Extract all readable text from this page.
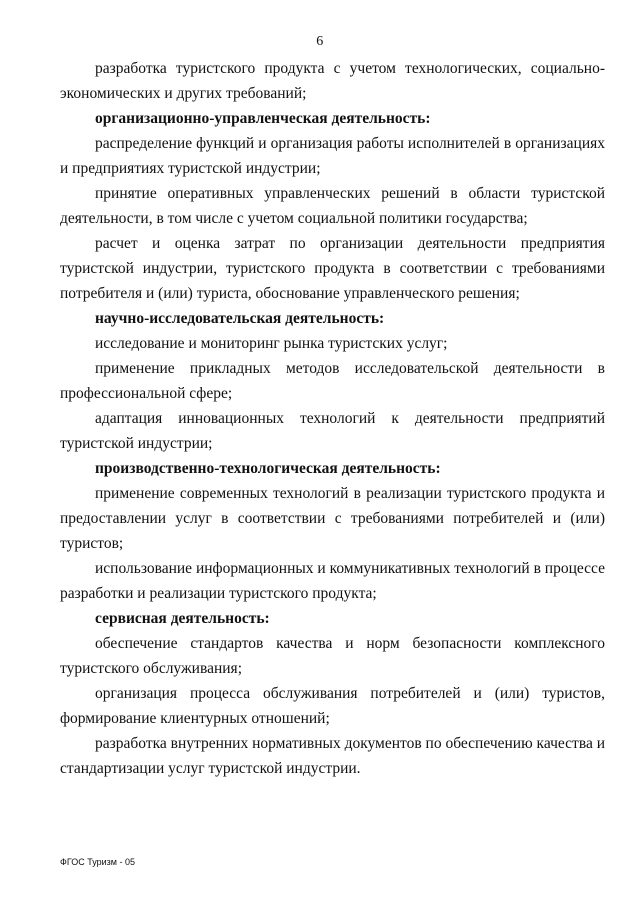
6

разработка туристского продукта с учетом технологических, социально-экономических и других требований;

организационно-управленческая деятельность:

распределение функций и организация работы исполнителей в организациях и предприятиях туристской индустрии;

принятие оперативных управленческих решений в области туристской деятельности, в том числе с учетом социальной политики государства;

расчет и оценка затрат по организации деятельности предприятия туристской индустрии, туристского продукта в соответствии с требованиями потребителя и (или) туриста, обоснование управленческого решения;

научно-исследовательская деятельность:

исследование и мониторинг рынка туристских услуг;

применение прикладных методов исследовательской деятельности в профессиональной сфере;

адаптация инновационных технологий к деятельности предприятий туристской индустрии;

производственно-технологическая деятельность:

применение современных технологий в реализации туристского продукта и предоставлении услуг в соответствии с требованиями потребителей и (или) туристов;

использование информационных и коммуникативных технологий в процессе разработки и реализации туристского продукта;

сервисная деятельность:

обеспечение стандартов качества и норм безопасности комплексного туристского обслуживания;

организация процесса обслуживания потребителей и (или) туристов, формирование клиентурных отношений;

разработка внутренних нормативных документов по обеспечению качества и стандартизации услуг туристской индустрии.

ФГОС Туризм - 05
